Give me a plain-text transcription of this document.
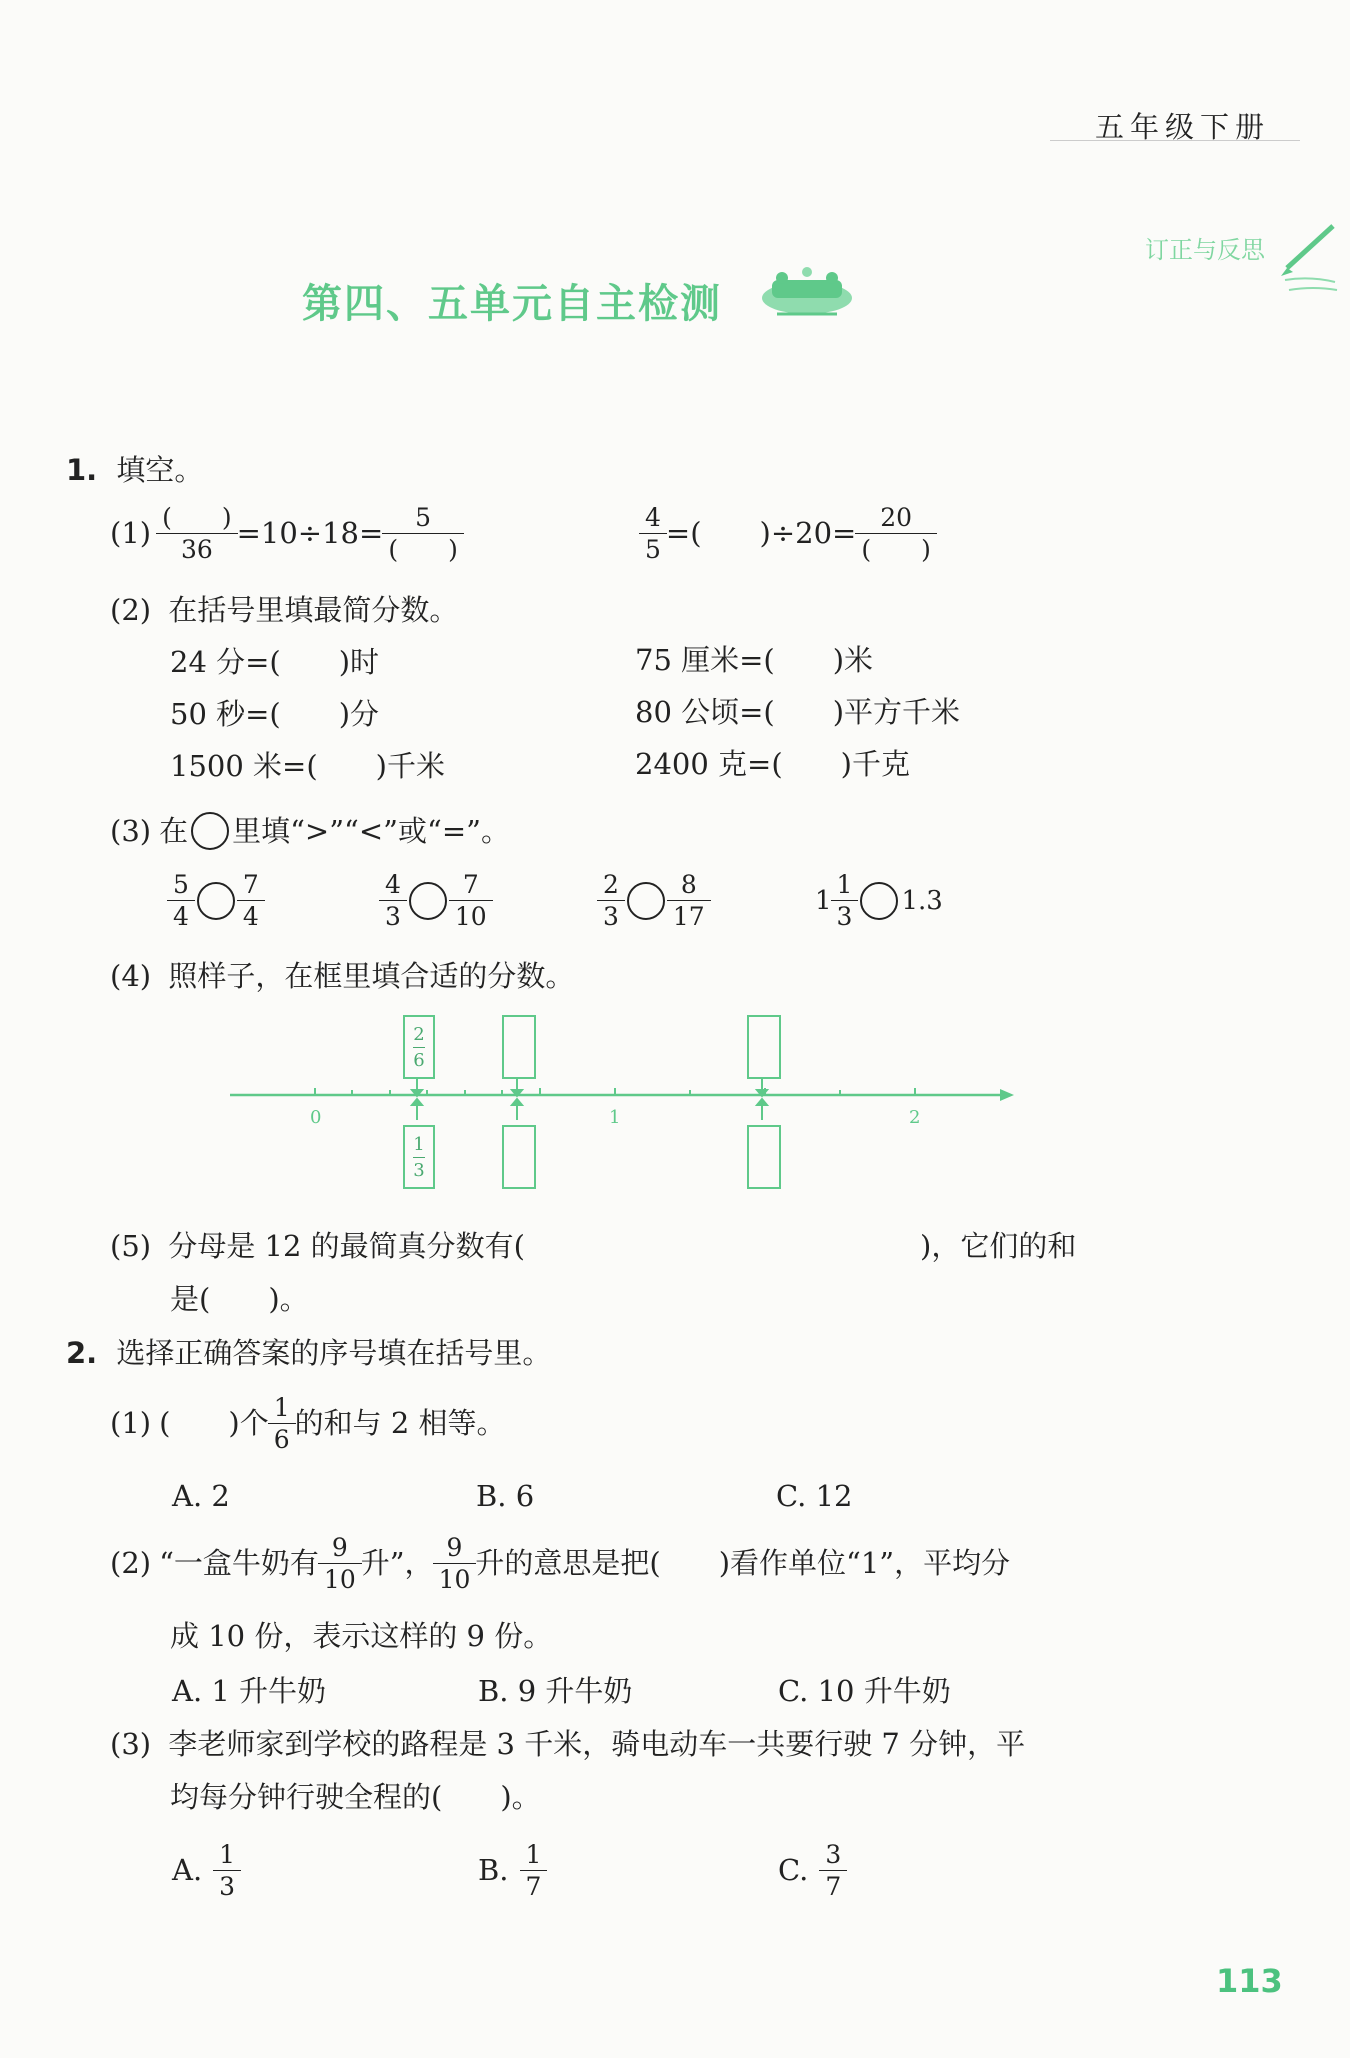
五年级下册
订正与反思
第四、五单元自主检测
1. 填空。
$(1) \frac{( )}{36} =10\div 18= \frac{5}{( )}$	$\frac{4}{5}$ =(　　)$\div 20= \frac{20}{( )}$
(2) 在括号里填最简分数。
24 分=(　　)时	75 厘米=(　　)米
50 秒=(　　)分	80 公顷=(　　)平方千米
1500 米=(　　)千米	2400 克=(　　)千克
(3) 在 里填“>”“<”或“=”。
$\frac{5}{4} \frac{7}{4}$	$\frac{4}{3} \frac{7}{10}$	$\frac{2}{3} \frac{8}{17}$	$1 \frac{1}{3} 1.3$
(4) 照样子，在框里填合适的分数。
0	1	2
2
6
1
3
(5) 分母是 12 的最简真分数有(	)，它们的和
是(　　)。
2. 选择正确答案的序号填在括号里。
(1) (　　)个 $\frac{1}{6}$ 的和与 2 相等。
A. 2	B. 6	C. 12
(2) “一盒牛奶有 $\frac{9}{10}$ 升”， $\frac{9}{10}$ 升的意思是把(　　)看作单位“1”，平均分
成 10 份，表示这样的 9 份。
A. 1 升牛奶	B. 9 升牛奶	C. 10 升牛奶
(3) 李老师家到学校的路程是 3 千米，骑电动车一共要行驶 7 分钟，平
均每分钟行驶全程的(　　)。
A. $\frac{1}{3}$	B. $\frac{1}{7}$	C. $\frac{3}{7}$
113
